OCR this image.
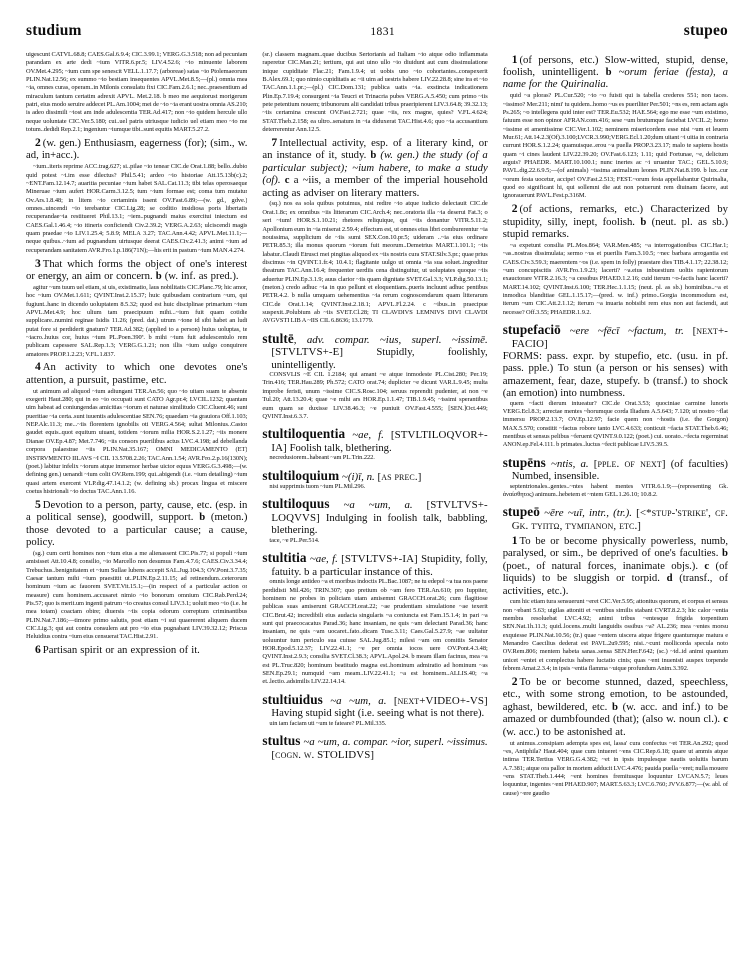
studium	1831	stupeo

uigescunt CATVL.68.8; CAES.Gal.6.9.4; CIC.3.99.1; VERG.G.3.518; non ad pecuniam parandam ex arte dedi ~ium VITR.6.pr.5; LIV.4.52.6; ~io minuente laborem OV.Met.4.295; ~ium cum spe senescit VELL.1.17.7; (arboreae) satas ~io Ptolemaeorum PLIN.Nat.12.56; ex summo ~io bestiam insequentes APVL.Met.8.5;—(pl.) omnia mea ~ia, omnes curas, operam..in Milonis consulatu fixi CIC.Fam.2.6.1; nec..praesentium ad miraculum tantum certatim adrexit APVL. Met.2.18. b meo me aequiorust morigerum patri, eius modo seruire addecet PL.Am.1004; mei de ~io ~ia erant uostra omnia AS.210; is adeo dissimili ~iost am inde adulescentia TER.Ad.417; non ~io quidem hercule ullo neque uoluntate CIC.Ver.5.180; cui..uel patris utriusque iudicio uel etiam meo ~io me totum..dedidi Rep.2.1; ingenium ~iumque tibi..sunt equitis MART.5.27.2.

2 (w. gen.) Enthusiasm, eagerness (for); (sim., w. ad, in+acc.).

~ium..iteris reprime ACC.trag.627; si..pilae ~io tenear CIC.de Orat.1.88; bello..dubio quid potest ~i.im esse dilectus? Phil.5.41; ardeo ~io historiae Att.15.13b(c).2; ~ENT.Fam.12.14.7; auaritia pecuniae ~ium habet SAL.Cat.11.3; tibi telas operosaeque Mineruae ~ium aufert HOR.Carm.3.12.5; tum ~ium formae est; coma tum mutatur Ov.Ars.1.8.48; in litem ~io certaminis issent OV.Fast.6.89;—(w. gd., gdve.) omnes..uincendi ~io terebantur CIC.Lig.28; se coditio insidiosa poris libertatis recuperandae~ia restitueret Phil.13.1; ~iem..pugnandi maius exercitui iniectum est CAES.Gal.1.46.4; ~io itineris conficiendi Civ.2.39.2; VERG.A.2.63; ulciscendi magis quam praedae ~io LIV.1.25.4; 5.8.9; MELA 3.27; TAC.Ann.4.42; APVL.Met.11.1;—neque quibus..~ium ad pugnandum uirtusque deerat CAES.Civ.2.41.3; animi ~ium ad recuperandam sanitatem AVR.Fro.1.p.186(71N);—his erit in pastum ~ium MAN.4.274.

3 That which forms the object of one's interest or energy, an aim or concern. b (w. inf. as pred.).

agitur ~um tuum uel etiam, si uis, existimatio, laus nobilitatis CIC.Planc.79; hic amor, hoc ~ium OV.Met.1.611; QVINT.Inst.2.15.37; huic quibusdam contrarium ~um, qui fugiunt..hanc in dicendo uoluptatem 8.5.32; quod est huic disciplinae primarium ~ium APVL.Met.4.9; hoc ulium tam praecipuum mihi...~ium fuit quam cotidie supplicare..numini reginae Isidis 11.26; (pred. dat.) utrum ~ione id sibi habet an ludi putat fore si perdiderit gnatum? TER.Ad.382; (applied to a person) huius uoluptas, te ~iacro..huius cor, huius ~ium PL.Poen.390ª. b mihi ~ium fuit adulescentulo rem publicam capessere SAL.Rep.1.3; VERG.G.1.21; non illis ~ium uulgo conquirere amatores PROP.1.2.23; V.FL.1.837.

4 An activity to which one devotes one's attention, a pursuit, pastime, etc.

ut animum ad aliquod ~ium adiungant TER.An.56; quo ~io uitam suam te absente exegerit Haut.280; qui in eo ~io occupati sunt CATO Agr.pr.4; LVCIL.1232; quantam uim habeat ad coniungendas amicitias ~iorum et naturae similitudo CIC.Cluent.46; sunt pueritiae ~ia certa..sunt iuuentis adulescentiae SEN.76; quaedam ~ia grauiora Off.1.103; NEP.Alc.11.3; me...~iis florentem ignobilis oti VERG.4.564; sultat Milonius..Castor gaudet equis..quot equitum uiuant, totidem ~iorum milia HOR.S.2.1.27; ~iis monere Dianae OV.Ep.4.87; Met.7.746; ~iis consors puerilibus actus LVC.4.198; ad debellanda corpora palaestrae ~iis PLIN.Nat.35.167; OMNI MEDICAMENTO (ET) INSTRVMENTO IILAVS ~I CIL 13.5708.2.26; TAC.Ann.1.54; AVR.Fro.2.p.16(130N); (poet.) labitur infelix ~iorum atque immemor herbae uictor equus VERG.G.3.498;—(w. defining gen.) uenandi ~ium colit OV.Rem.199; qui..abigendi (i.e. ~ium detailing) ~ium quasi artem exercent VLP.dig.47.14.1.2; (w. defining sb.) procax lingua et miscere coetus histrionali ~io doctus TAC.Ann.1.16.

5 Devotion to a person, party, cause, etc. (esp. in a political sense), goodwill, support. b (meton.) those devoted to a particular cause; a cause, policy.

(sg.) cum certi homines non ~ium eius a me alienassent CIC.Pis.77; si populi ~ium amisisset Att.10.4.8; consilio, ~io Marcello non desumus Fam.4.7.6; CAES.Civ.3.34.4; Trebuchus..benignitatem et ~ium Sullae lubens accepit SAL.Jug.104.3; OV.Pont.3.7.35; Caesar tantum mihi ~ium praestitit ut..PLIN.Ep.2.11.15; ad retinendum..ceterorum hominum ~ium ac fauorem SVET.Vit.15.1;—(in respect of a particular action or measure) cum hominem..accusaret nimio ~io bonorum omnium CIC.Rab.Perd.24; Pis.57; quo is merit.um ingenti patrum ~io creatus consul LIV.3.1; uoluit meo ~io (i.e. he mea totam) coactam obire; diuersis ~iis copia odorum correptum criminantibus PLIN.Nat.7.186;—timore primo salutis, post etiam ~i sui quaererent aliquem ducem CIC.Lig.3; qui aut contra consulem aut pro ~io eius pugnabant LIV.39.32.12; Priscus Heluidius contra ~ium eius censuerat TAC.Hist.2.91.

6 Partisan spirit or an expression of it.

(sr.) classem magnam..quae ducibus Sertorianis ad Italiam ~io atque odio inflammata raperetur CIC.Man.21; tertium, qui aut uino ullo ~io diuidunt aut cum dissimulatione inique cupiditate Flac.21; Fam.1.9.4; ut uobis uno ~io cohortantes..conspexerit B.Alex.69.1; quo nimio cupiditatis ac ~ii uim ad uestris habere LIV.22.28.8; sine ira et ~io TAC.Ann.1.1.pr.;—(pl.) CIC.Dom.131; publica uatis ~ia. exstincta indicationem Plin.Ep.7.19.4; consurgent ~ia Teucri et Trinacria pubes VERG.A.5.450; cum primo ~iis pete petentium nouem; tribunorum alii candidati tribus praeripierent LIV.3.64.8; 39.32.13; ~iis certamina crescunt OV.Fast.2.721; quae ~iis, rex magne, quies? V.FL.4.624; STAT.Theb.2.158; ea ultro..senatum in ~ia diduxerat TAC.Hist.4.6; quo ~ia accusantium deterrerentur Ann.12.5.

7 Intellectual activity, esp. of a literary kind, or an instance of it, study. b (w. gen.) the study (of a particular subject); ~ium habere, to make a study (of). c a ~iis, a member of the imperial household acting as adviser on literary matters.

(sq.) nos ea sola quibus potuimus, nisi redire ~io atque iudicio delectauit CIC.de Orat.1.8c; ex omnibus ~iis litterarum CIC.Arch.4; nec..oratoria illa ~ia deserui Fat.3; o seri ~ium! HOR.S.1.10.21; rhetores reliquique, qui ~iis donantur VITR.5.11.2; Apollonium eum in ~ia miserat 2.59.4; effectum est, ut omnes eius libri comburerentur ~ia nouissima, supplicium de ~iis sumi SEX.Con.10.pr.5; uideram ..~ia eius ordinare PETR.85.3; illa monus quorum ~iorum fuit meorum..Demetrius MART.1.101.1; ~iis labatur..Claudi Etrusci mei pingitas aliquod ex ~iis nostris cura STAT.Silv.3.pr.; quae prius discimus ~in QVINT.1.fr.4; 10.4.1; flagitante uulgo ut omnia ~ia sua soluet..ingreditur theatrum TAC.Ann.16.4; frequenter uerdiis cena distinguitur, ut uoluptates quoque ~iis aduertur PLIN.Ep.3.1.9; auus clarior ~iis quam dignitate SVET.Gal.3.3; VLP.dig.50.13.1; (meton.) credo adhuc ~ia in quo pellunt et eloquentiam..pueris incluunt adhuc pentibus PETR.4.2. b nulla umquam uehementius ~ia rerum cognoscendarum quam litterarum CIC.de Orat.1.14; QVINT.Inst.2.18.1; APVL.Fl.2.24. c ~ibus..in praecipue suspexit..Polubium ab ~iis SVET.Cl.28; TI CLAVDIVS LEMNIVS DIVI CLAVDI AVGVSTI LIB A ~IIS CIL 6.8636; 13.1779.

stultē, adv. compar. ~ius, superl. ~issimē. [STVLTVS+-E]	Stupidly, foolishly, unintelligently.

CONSVLIS ~E CIL 1.2184; qui amant ~e atque inmodeste PL.Cist.280; Per.19; Trin.416; TER.Hau.289; Ph.572; CATO orat.74; duplicter ~e dicunt VAR.L.9.45; multa improbe feristi, unum ~issime CIC.S.Rosc.104; seruus reprendit pudenter, at non ~e Tul.20; Att.13.20.4; quae ~e mihi ars HOR.Ep.1.1.47; TIB.1.9.45; ~issimi sperantibus eum quam se duxisse LIV.38.46.3; ~e puniuit OV.Fast.4.555; [SEN.]Oct.449; QVINT.Inst.6.3.7.

stultiloquentia ~ae, f. [STVLTILOQVOR+-IA] Foolish talk, blethering.

necredusiorem..habeant ~am PL.Trin.222.

stultiloquium ~(i)ī, n. [as prec.]

nisi supprimis tuom ~ium PL.Mil.296.

stultiloquus ~a ~um, a. [STVLTVS+-LOQVVS] Indulging in foolish talk, babbling, blethering.

tace, ~e PL.Per.514.

stultitia ~ae, f. [STVLTVS+-IA] Stupidity, folly, fatuity. b a particular instance of this.

omnis longe antideo ~a et moribus indoctis PL.Bac.1087; ne tu edepol ~a tua nos paene perdidisti Mil.426; TRIN.307; quo pretium ob ~am fero TER.An.610; pro Iuppiter, hominem ne probes in policiam utam amisemnt GRACCH.orat.26; cum flagitiose publicas suas amiserunt GRACCH.orat.22; ~ae prudentiam simulatione ~ae texerit CIC.Brut.42; incredibili eius audacia singularis ~a coniuncta est Fam.15.1.4; in pari ~a sunt qui praecocacatus Parad.36; hanc insaniam, ne quis ~am delectant Parad.36; hanc insaniam, ne quis ~am uocaret..fato..dicam Tusc.3.11; Caes.Gal.5.27.9; ~ae uultatur uoluuntur tum periculo sua cuiuse SAL.Jug.85.1; milesi ~am om comitiis Senator HOR.Epod.5.12.37; LIV.22.41.1; ~e per omnia iocos uere OV.Pont.4.3.48; QVINT.Inst.2.9.3; consilia SVET.Cl.38.3; APVL.Apol.24. b meam illam facinus, mea ~a est PL.Truc.820; hominum beatitudo magna est..hominum admiratio ad hominum ~as SEN.Ep.29.1; numquid ~am meam..LIV.22.41.1; ~a est hominem..ALLIS.40; ~a et..lectio..adsimilis LIV.22.14.14.

stultiuidus ~a ~um, a. [next+VIDEO+-VS] Having stupid sight (i.e. seeing what is not there).

uin iam faciam uti ~um te fateare? PL.Mil.335.

stultus ~a ~um, a. compar. ~ior, superl. ~issimus. [cogn. w. STOLIDVS]

1 (of persons, etc.) Slow-witted, stupid, dense, foolish, unintelligent. b ~orum feriae (festa), a name for the Quirinalia.

quid ~a ploras? PL.Cur.520; ~io ~o fuisti qui is tabella crederes 551; non taces. ~issimo? Mer.211; nimi' tu quidem..homo ~us es pueriliter Per.501; ~ns es, rem actam agis Ps.265; ~o intellegens quid inter est? TER.Eu.532; HAE.564; ego me esse ~um existimo, fatuum esse non opinor AFRAN.com.416; sese ~um brutumque faciebat LVCIL.2; homo ~issime et amentissime CIC.Ver.1.102; neminem misericordem esse nisi ~um et leuem Mur.61; Att.14.2.3(Of).3.100;LVCR.3.990;VERG.Ecl.1.20;dum uitant ~i uitia in contraria currunt HOR.S.1.2.24; quamuisque..erou ~a puella PROP.3.23.17; malo te sapiens hostis quam ~i cines laudent LIV.22.39.20; OV.Fast.6.123; 1.11; quid Fortunae, ~e, delictum arguis? PHAEDR. MART.10.100.1; nunc inertes ac ~i uruantur TAC.; GEL.5.10.9; PAVL.dig.22.6.9.5;—(of animals) ~issima animalium leones PLIN.Nat.8.199. b lux..cur ~orum festa uocetur, accipe! OV.Fast.2.513; FEST.~orum festa appellabantur Quirinalia, quod eo significant hi, qui sollemni die aut non potuerunt rem diuinam facere, aut ignorauerunt PAVL.Fest.p.316M.

2 (of actions, remarks, etc.) Characterized by stupidity, silly, inept, foolish. b (neut. pl. as sb.) stupid remarks.

~a expetunt consilia PL.Mos.864; VAR.Men.485; ~a interrogationibus CIC.Har.1; ~as..nostras dissimulata; sermo ~us et puerilis Fam.3.10.5; ~nec barbara arrogantia est CAES.Civ.3.59.3; maerentem ~os (i.e. spem in folly) praestare dies TIB.4.1.17; 22.38.12; ~um concupiscitis AVR.Fro.1.9.23; lacerti? ~a.eius inbuestium uoltis rapientorum exauctorare VITR.2.16.3; ~a cessibus PHAED.1.2.16; cuid iterum ~o-factis hanc lacerti? MART.14.102; QVINT.Inst.6.100; TER.Hec.1.1.15; (neut. pl. as sb.) hominibus..~a et inmodica blanditiae GEL.1.15.17;—(pred. w. inf.) primo..Gorgia incommodum est, iterum ~um CIC.Att.2.1.12; iterum ~a inuaria nobisibi rem eius non aut faciendi, aut necesse? Off.3.55; PHAEDR.1.9.2.

stupefaciō ~ere ~fēcī ~factum, tr. [next+-FACIO]

FORMS: pass. expr. by stupefio, etc. (usu. in pf. pass. pple.) To stun (a person or his senses) with amazement, fear, daze, stupefy. b (transf.) to shock (an emotion) into numbness.

quem ~facti dierum intueatur? CIC.de Orat.3.53; quociniae carmine lunoris VERG.Ecl.8.3; arrectae mentes ~horumque corda Iliadum A.5.643; 7.120; ut nostro ~flat immersu PROP.2.13.7; OV.Ep.12.97; facie quem non ~hostis (i.e. the Gorgon) MAX.5.570; constitit ~factus robore tanto LVC.4.633; conticuit ~facta STAT.Theb.6.46; mentibus et sensus pelibus ~feruent QVINT.9.0.122; (poet.) cui. uorato..~fecta regerminat ANON.ep.Fel.4.111. b primates..luctus ~fecit publicae LIV.5.39.5.

stupēns ~ntis, a. [pple. of next] (of faculties) Numbed, insensible.

septentrionales..gentes..~ntes habent mentes VITR.6.1.9;—(representing Gk. ἀναίσθητος) animum..hebetem et ~ntem GEL.1.26.10; 10.8.2.

stupeō ~ēre ~uī, intr., (tr.). [<*stup-'strike', cf. Gk. τύπτω, τύμπανον, etc.]

1 To be or become physically powerless, numb, paralysed, or sim., be deprived of one's faculties. b (poet., of natural forces, inanimate objs.). c (of liquids) to be sluggish or torpid. d (transf., of activities, etc.).

cum hic etiam tura sensuerunt ~eret CIC.Ver.5.95; attonitus quorum, et corpus et sensus non ~ebant 5.63; uigilas attoniti et ~entibus similis stabant CVRT.8.2.3; hic calor ~entia membra resoluebat LVC.4.92; animi tribus ~entesque frigida torpentium SEN.Nat.1h.11.3; quid..locens..multi languidis ossibus ~a? AL.236; mea ~entes morsu exquiesse PLIN.Nat.10.56; (tr.) quae ~entem uiscera atque frigere quantumque matura e Menandro Caecilius dederat est PAVL.2u9.595; nisi..~cunt mollicorda specula noto OV.Rem.806; mentem habeta sanas..sensa SEN.Her.F.642; (sc.) ~id..id animi quantum unicet ~entet et complectus habere luctatio cinis; quas ~ent inuenisti auspex torpende febrem Amat.2.3.4; in ipsis ~entia flamma ~uique profundum Anim.3.392.

2 To be or become stunned, dazed, speechless, etc., with some strong emotion, to be astounded, aghast, bewildered, etc. b (w. acc. and inf.) to be amazed or dumbfounded (that); (also w. noun cl.). c (w. acc.) to be astonished at.

ut animus..consipiam adempta spes est, lassa' cura confectus ~et TER.An.292; quod ~es, Antiphila? Haut.404; quae cum intueret ~ens CIC.Rep.6.18; quare ut ammis atque intima TER.Tertius VERG.G.4.382; ~et in ipsis impulesque nautis uoluitis barum A.7.381; atque ora pallor in mortem adducit LVC.4.476; pauida puella ~eret; nulla mouere ~ens STAT.Theb.1.444; ~ent homines fremitusque loquuntur LVCAN.5.7; leues loquuntur, ingentes ~ent PHAED.907; MART.5.63.3; LVC.6.760; JVV.6.877;—(w. abl. of cause) ~ere gaudio
